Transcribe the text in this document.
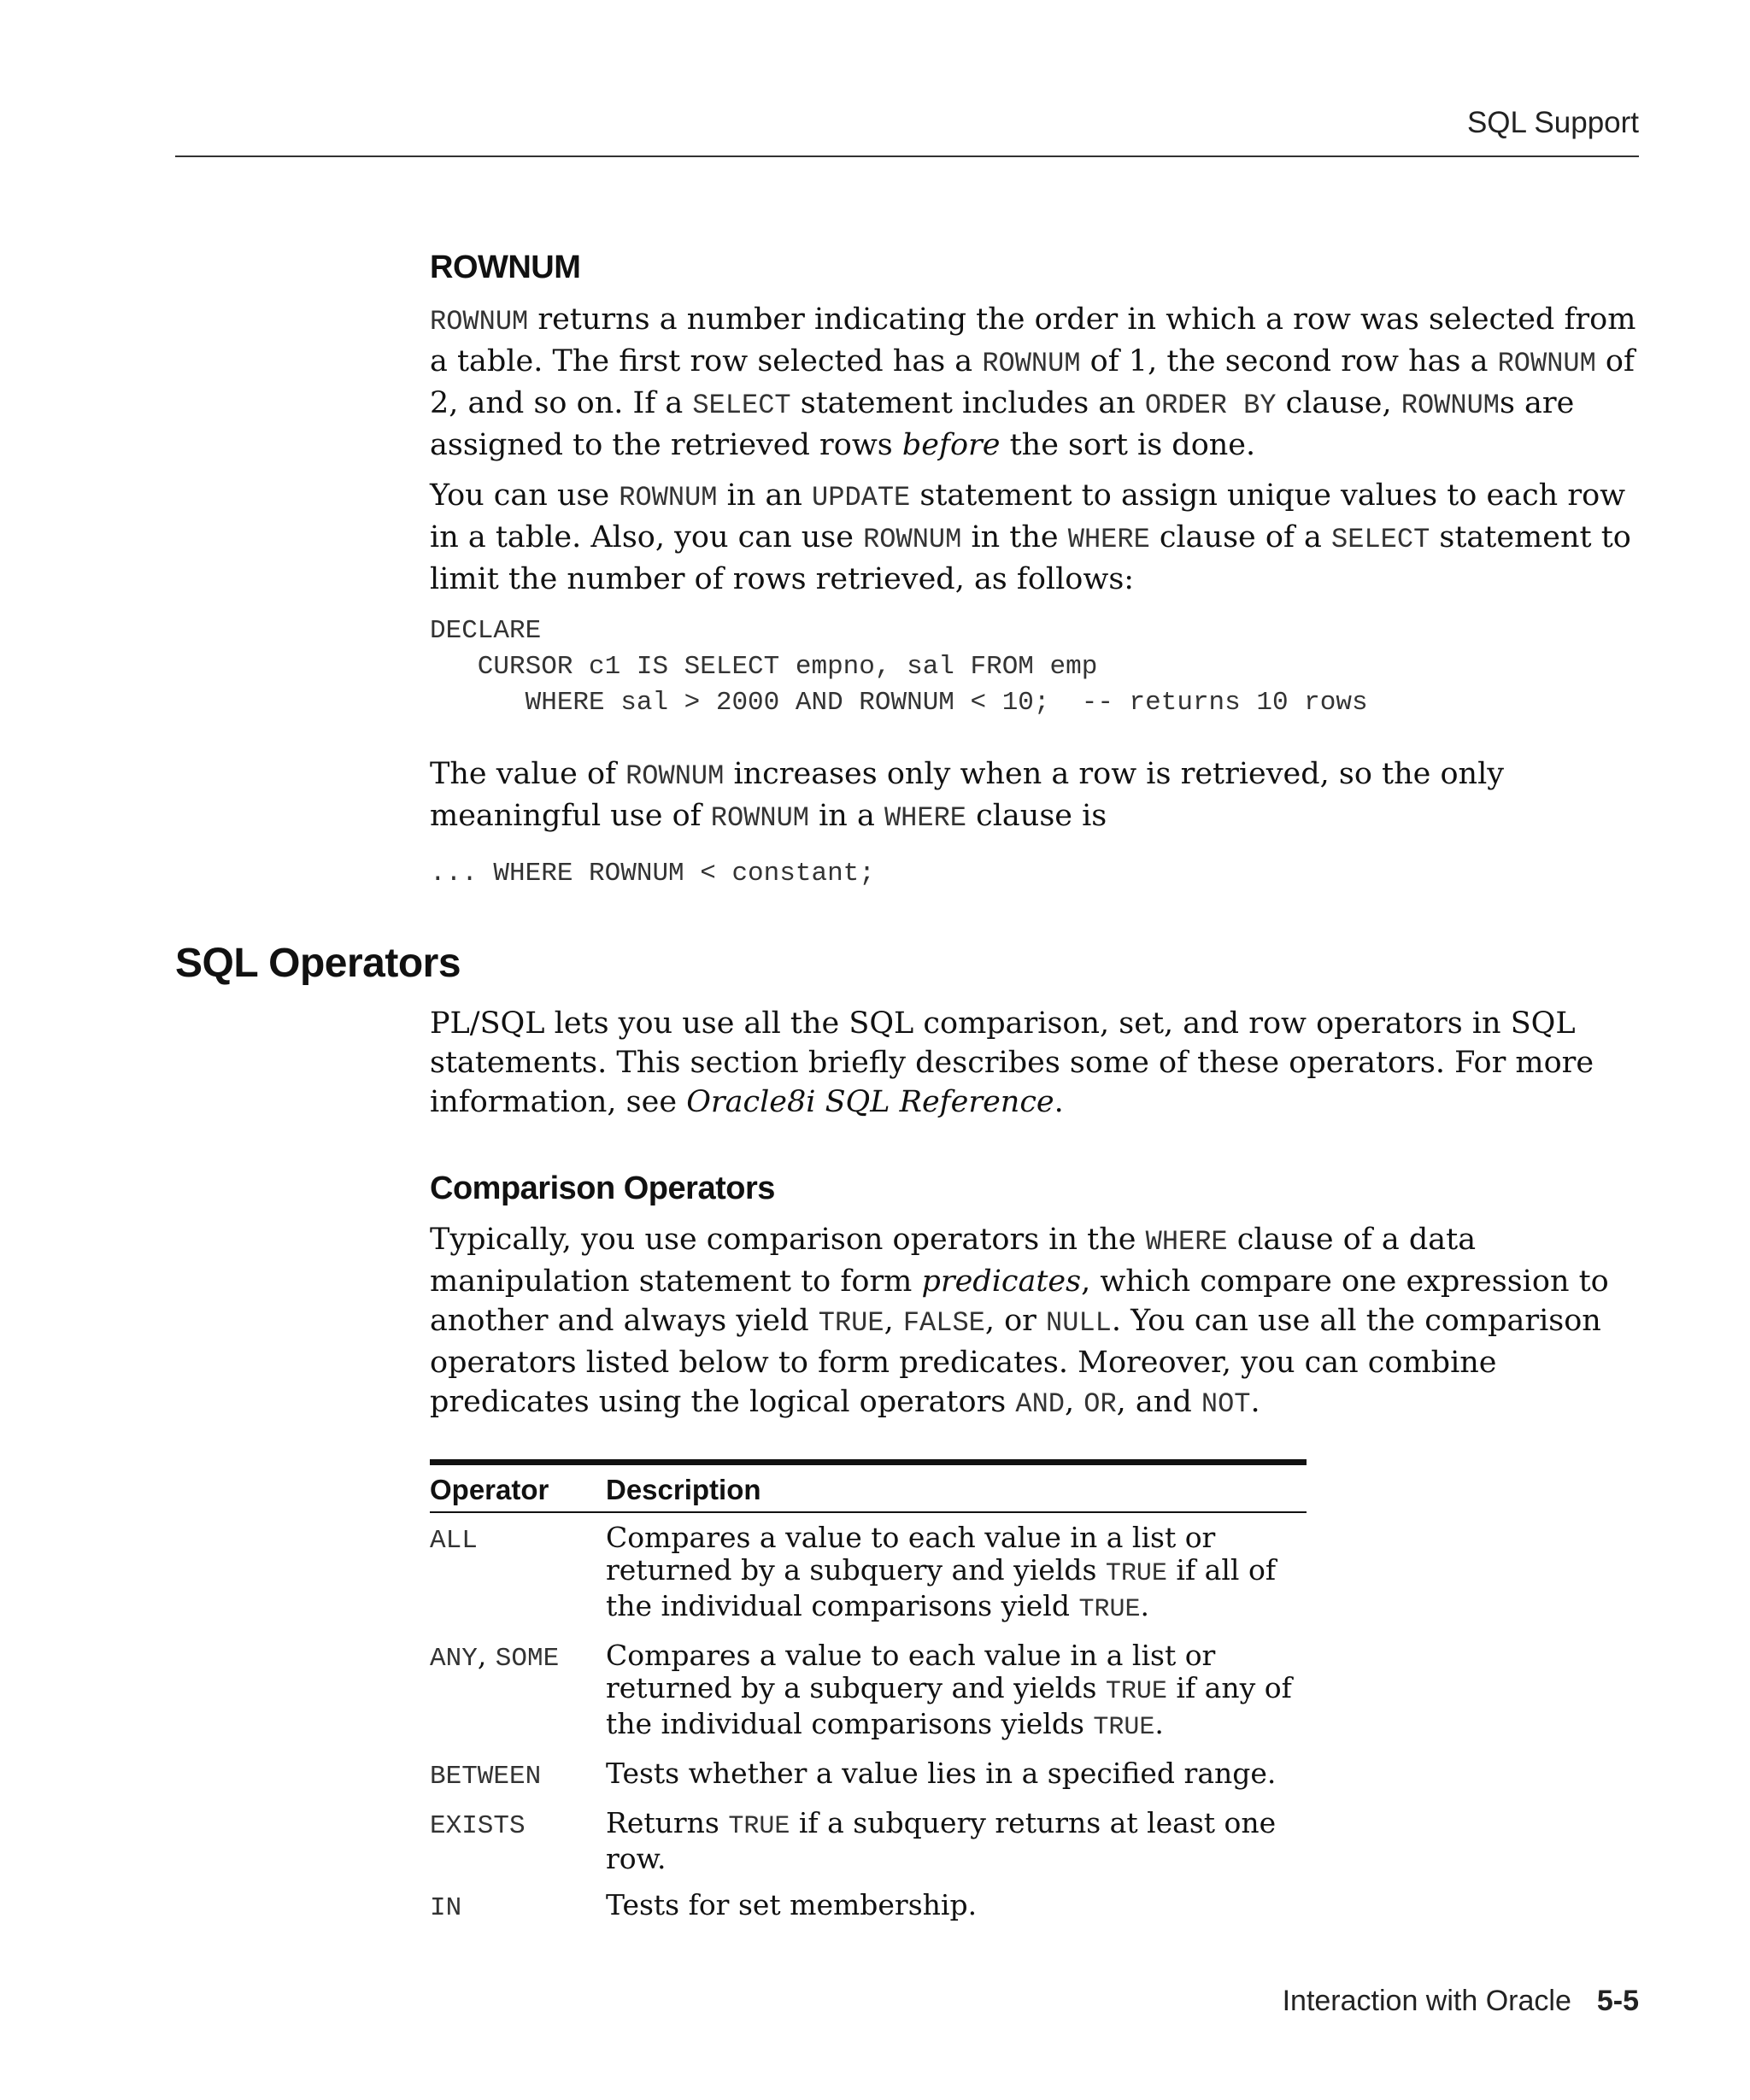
SQL Support
ROWNUM

ROWNUM returns a number indicating the order in which a row was selected from a table. The first row selected has a ROWNUM of 1, the second row has a ROWNUM of 2, and so on. If a SELECT statement includes an ORDER BY clause, ROWNUMs are assigned to the retrieved rows before the sort is done.

You can use ROWNUM in an UPDATE statement to assign unique values to each row in a table. Also, you can use ROWNUM in the WHERE clause of a SELECT statement to limit the number of rows retrieved, as follows:

DECLARE
CURSOR c1 IS SELECT empno, sal FROM emp
WHERE sal > 2000 AND ROWNUM < 10;  -- returns 10 rows

The value of ROWNUM increases only when a row is retrieved, so the only meaningful use of ROWNUM in a WHERE clause is

... WHERE ROWNUM < constant;
SQL Operators

PL/SQL lets you use all the SQL comparison, set, and row operators in SQL statements. This section briefly describes some of these operators. For more information, see Oracle8i SQL Reference.

Comparison Operators

Typically, you use comparison operators in the WHERE clause of a data manipulation statement to form predicates, which compare one expression to another and always yield TRUE, FALSE, or NULL. You can use all the comparison operators listed below to form predicates. Moreover, you can combine predicates using the logical operators AND, OR, and NOT.

Operator	Description
ALL	Compares a value to each value in a list or returned by a subquery and yields TRUE if all of the individual comparisons yield TRUE.
ANY, SOME	Compares a value to each value in a list or returned by a subquery and yields TRUE if any of the individual comparisons yields TRUE.
BETWEEN	Tests whether a value lies in a specified range.
EXISTS	Returns TRUE if a subquery returns at least one row.
IN	Tests for set membership.
Interaction with Oracle 5-5
